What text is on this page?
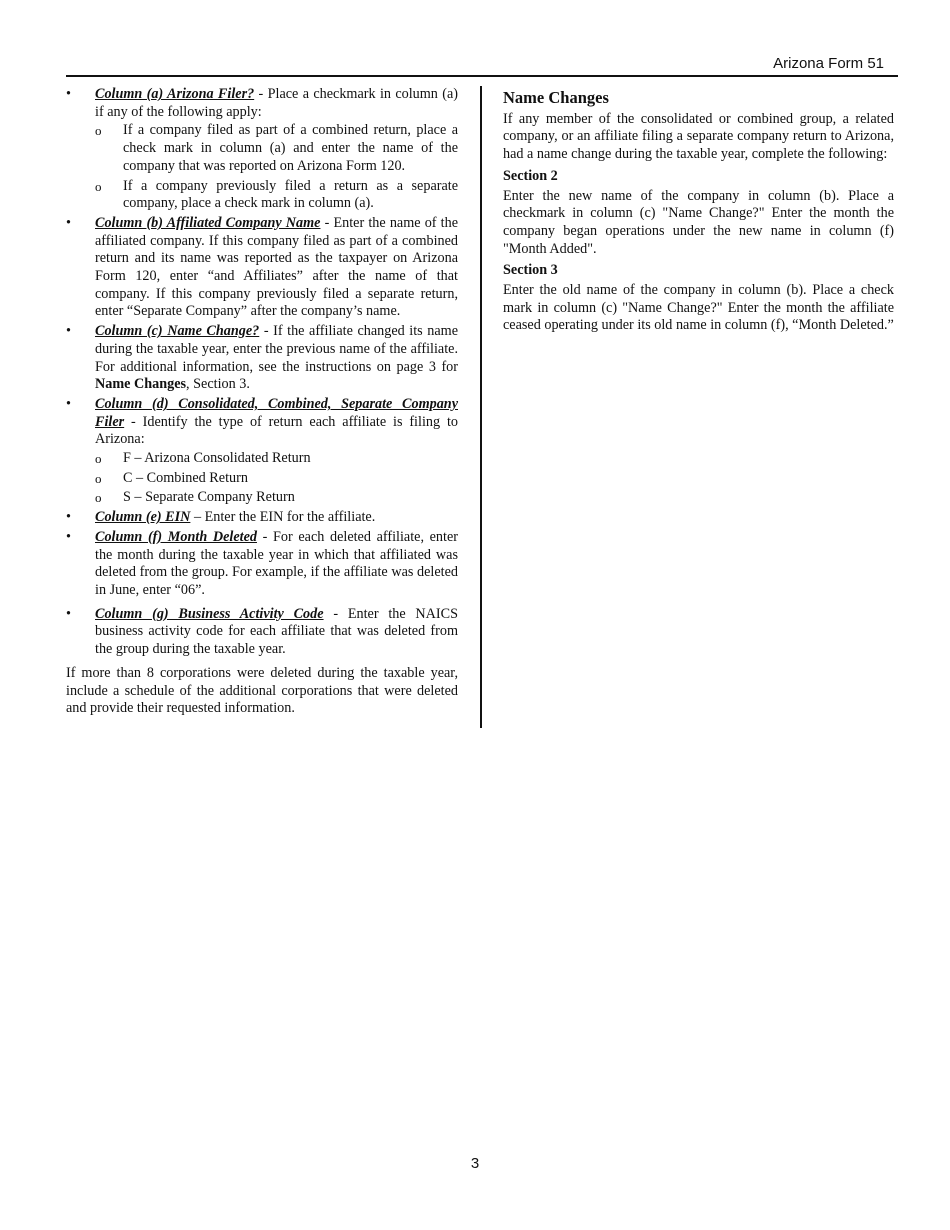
Arizona Form 51
• Column (a) Arizona Filer? - Place a checkmark in column (a) if any of the following apply:
o If a company filed as part of a combined return, place a check mark in column (a) and enter the name of the company that was reported on Arizona Form 120.
o If a company previously filed a return as a separate company, place a check mark in column (a).
• Column (b) Affiliated Company Name - Enter the name of the affiliated company. If this company filed as part of a combined return and its name was reported as the taxpayer on Arizona Form 120, enter “and Affiliates” after the name of that company. If this company previously filed a separate return, enter “Separate Company” after the company’s name.
• Column (c) Name Change? - If the affiliate changed its name during the taxable year, enter the previous name of the affiliate. For additional information, see the instructions on page 3 for Name Changes, Section 3.
• Column (d) Consolidated, Combined, Separate Company Filer - Identify the type of return each affiliate is filing to Arizona:
o F – Arizona Consolidated Return
o C – Combined Return
o S – Separate Company Return
• Column (e) EIN – Enter the EIN for the affiliate.
• Column (f) Month Deleted - For each deleted affiliate, enter the month during the taxable year in which that affiliated was deleted from the group. For example, if the affiliate was deleted in June, enter “06”.
• Column (g) Business Activity Code - Enter the NAICS business activity code for each affiliate that was deleted from the group during the taxable year.

If more than 8 corporations were deleted during the taxable year, include a schedule of the additional corporations that were deleted and provide their requested information.

Name Changes

If any member of the consolidated or combined group, a related company, or an affiliate filing a separate company return to Arizona, had a name change during the taxable year, complete the following:

Section 2

Enter the new name of the company in column (b). Place a checkmark in column (c) "Name Change?" Enter the month the company began operations under the new name in column (f) "Month Added".

Section 3

Enter the old name of the company in column (b). Place a check mark in column (c) "Name Change?" Enter the month the affiliate ceased operating under its old name in column (f), “Month Deleted.”

3
